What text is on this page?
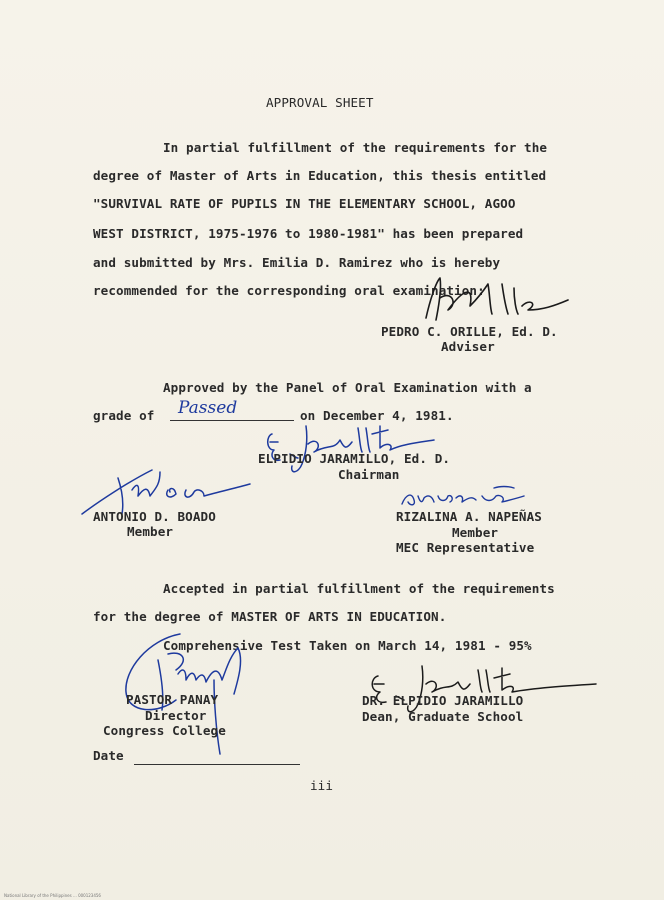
APPROVAL SHEET
In partial fulfillment of the requirements for the
degree of Master of Arts in Education, this thesis entitled
"SURVIVAL RATE OF PUPILS IN THE ELEMENTARY SCHOOL, AGOO
WEST DISTRICT, 1975-1976 to 1980-1981" has been prepared
and submitted by Mrs. Emilia D. Ramirez who is hereby
recommended for the corresponding oral examination:
PEDRO C. ORILLE, Ed. D.
Adviser
Approved by the Panel of Oral Examination with a
grade of Passed	on December 4, 1981.
ELPIDIO JARAMILLO, Ed. D.
Chairman
ANTONIO D. BOADO
Member
RIZALINA A. NAPEÑAS
Member
MEC Representative
Accepted in partial fulfillment of the requirements
for the degree of MASTER OF ARTS IN EDUCATION.
Comprehensive Test Taken on March 14, 1981 - 95%
PASTOR PANAY
Director
Congress College
DR. ELPIDIO JARAMILLO
Dean, Graduate School
Date
iii
National Library of the Philippines ... 000123456
